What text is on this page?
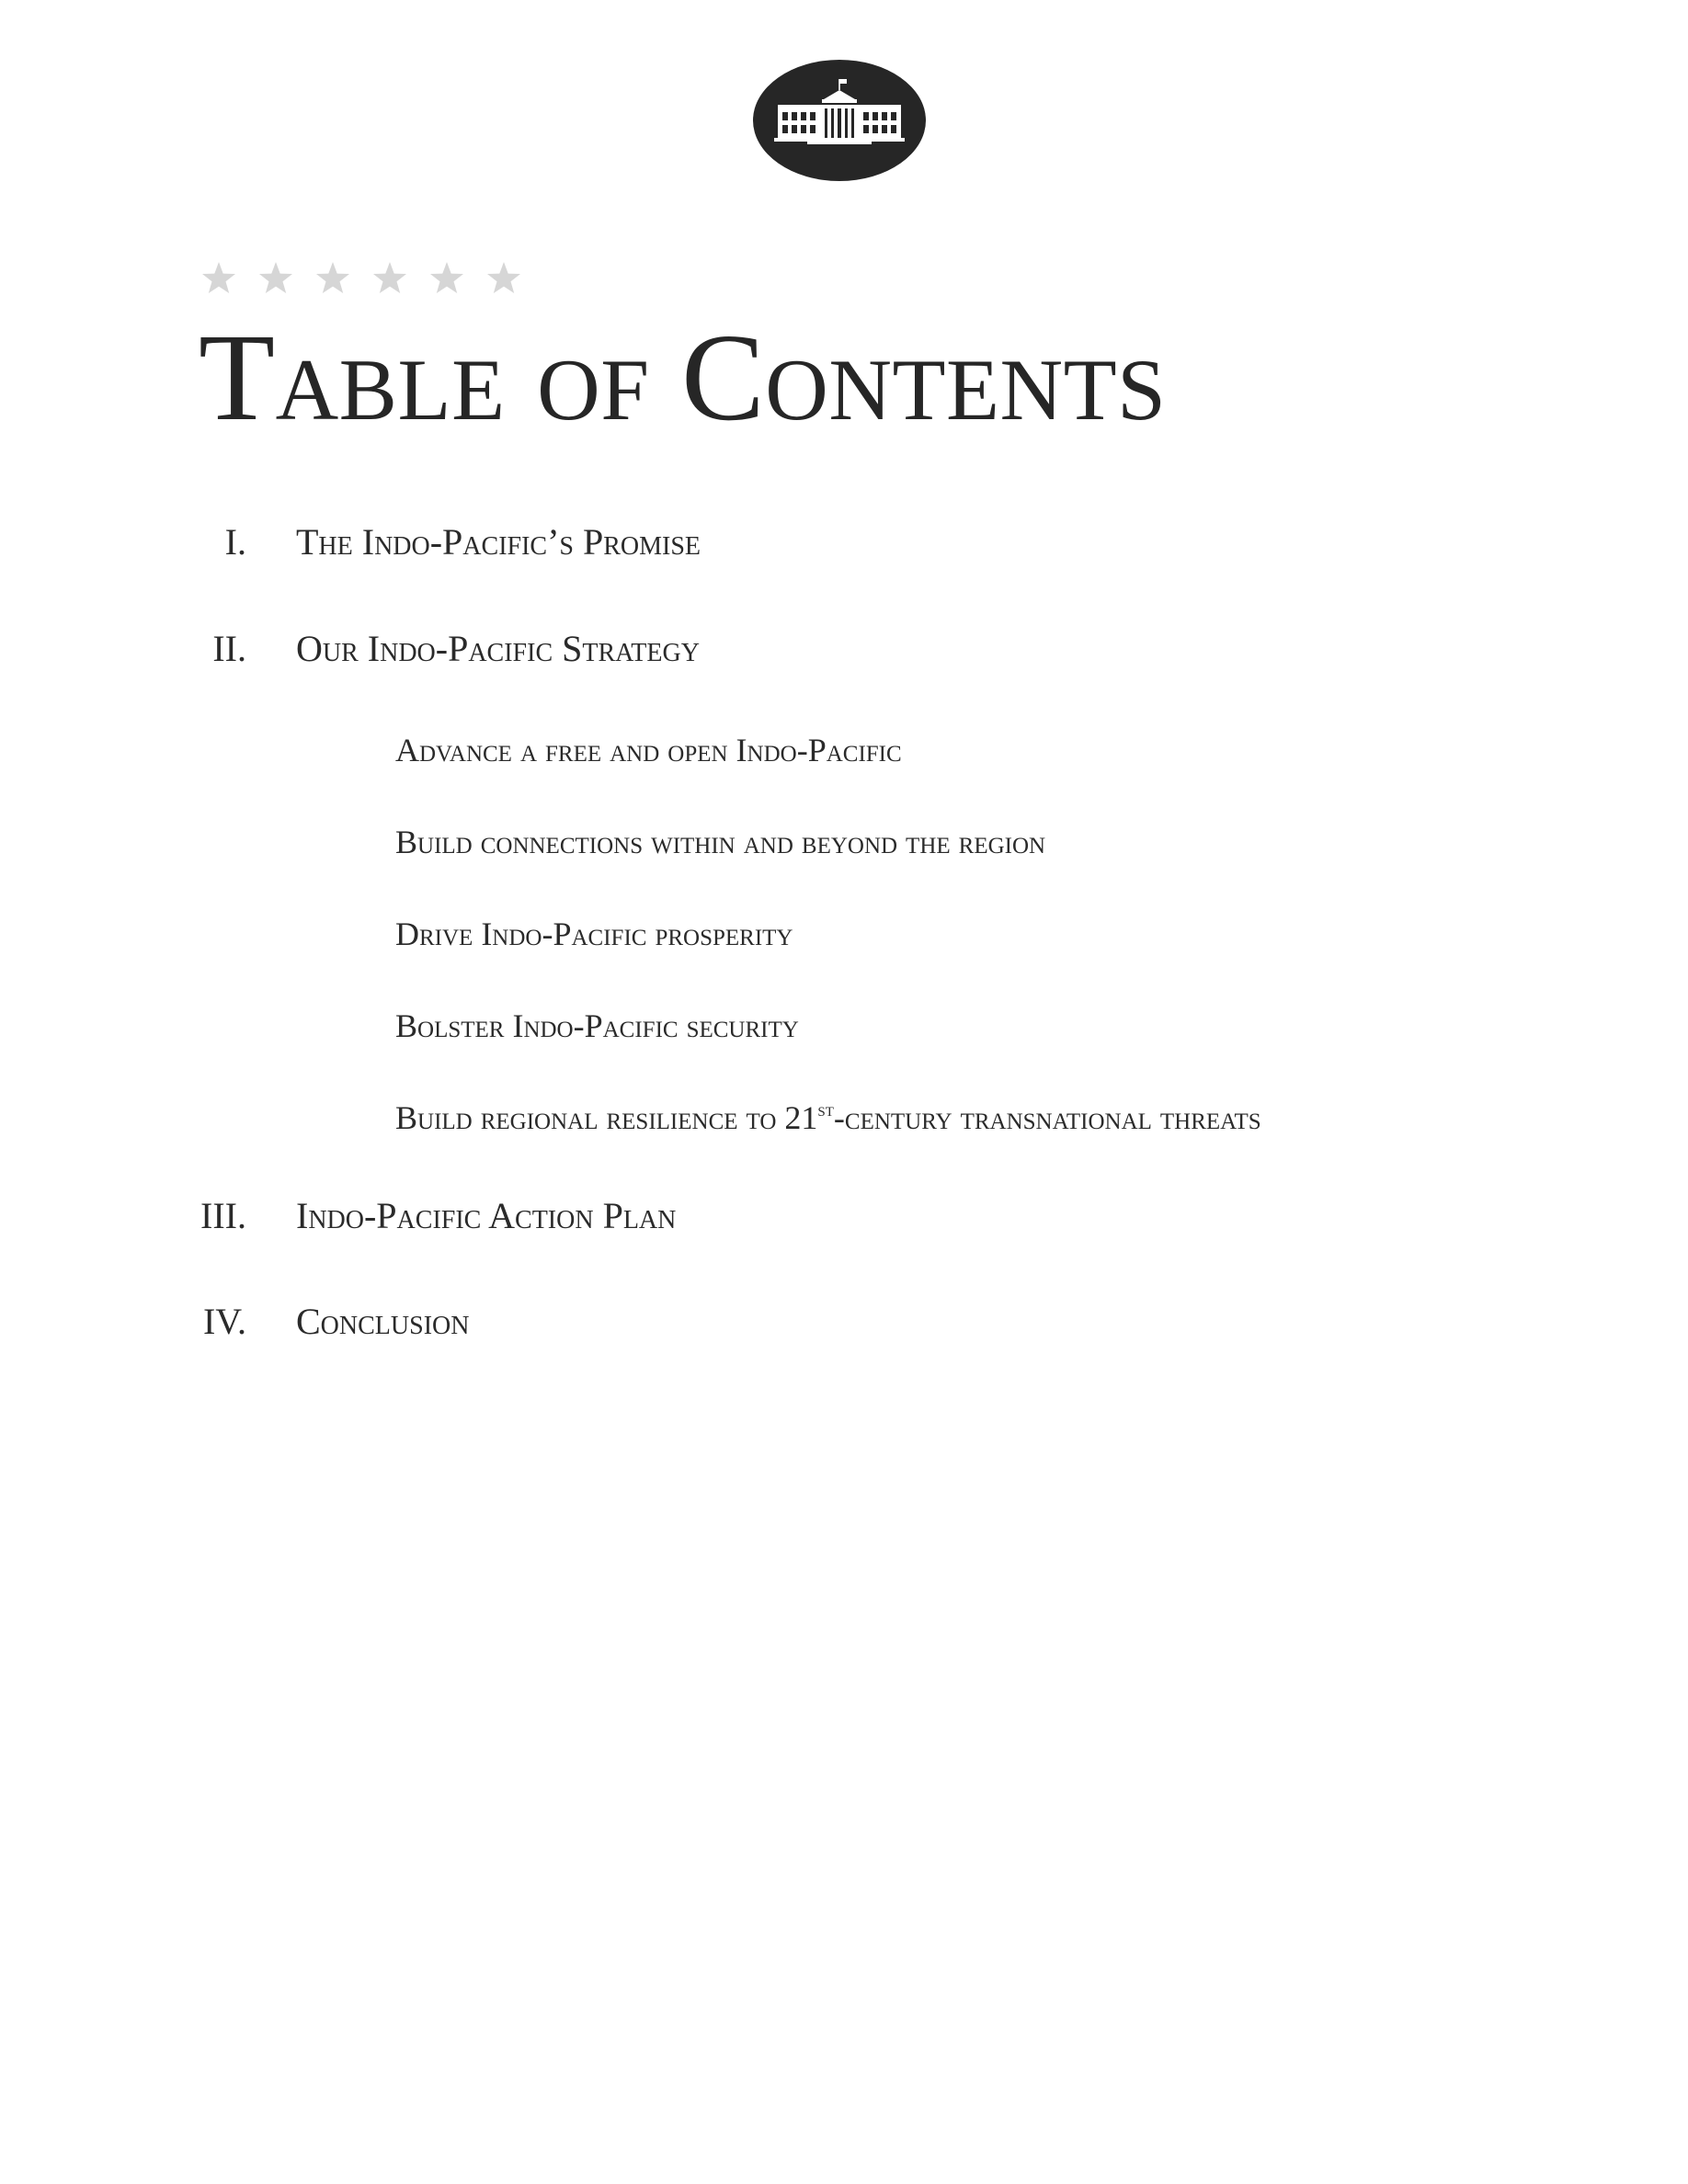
Table of Contents
I. The Indo-Pacific’s Promise
II. Our Indo-Pacific Strategy
Advance a free and open Indo-Pacific
Build connections within and beyond the region
Drive Indo-Pacific prosperity
Bolster Indo-Pacific security
Build regional resilience to 21st-century transnational threats
III. Indo-Pacific Action Plan
IV. Conclusion
